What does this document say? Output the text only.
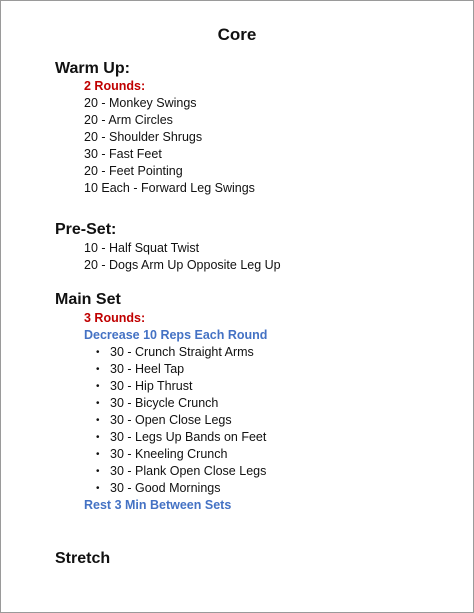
Core
Warm Up:
2 Rounds:
20 - Monkey Swings
20 - Arm Circles
20 - Shoulder Shrugs
30 - Fast Feet
20 - Feet Pointing
10 Each - Forward Leg Swings
Pre-Set:
10 - Half Squat Twist
20 - Dogs Arm Up Opposite Leg Up
Main Set
3 Rounds:
Decrease 10 Reps Each Round
• 30 - Crunch Straight Arms
• 30 - Heel Tap
• 30 - Hip Thrust
• 30 - Bicycle Crunch
• 30 - Open Close Legs
• 30 - Legs Up Bands on Feet
• 30 - Kneeling Crunch
• 30 - Plank Open Close Legs
• 30 - Good Mornings
Rest 3 Min Between Sets
Stretch
